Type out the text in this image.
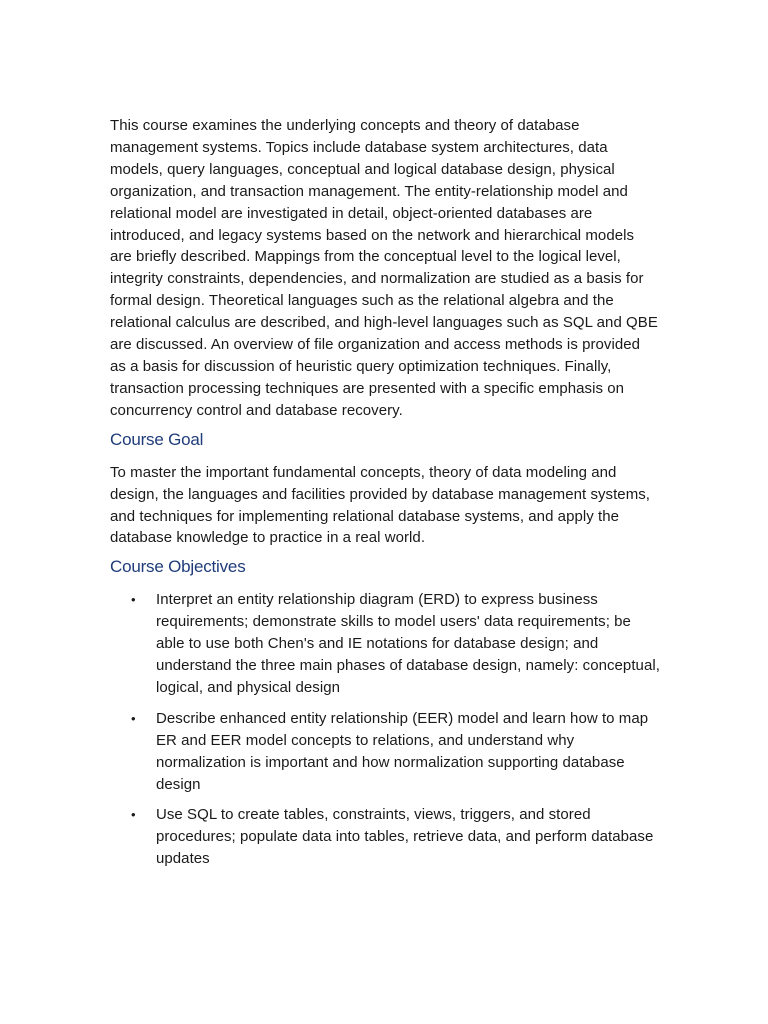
This course examines the underlying concepts and theory of database management systems. Topics include database system architectures, data models, query languages, conceptual and logical database design, physical organization, and transaction management. The entity-relationship model and relational model are investigated in detail, object-oriented databases are introduced, and legacy systems based on the network and hierarchical models are briefly described. Mappings from the conceptual level to the logical level, integrity constraints, dependencies, and normalization are studied as a basis for formal design. Theoretical languages such as the relational algebra and the relational calculus are described, and high-level languages such as SQL and QBE are discussed. An overview of file organization and access methods is provided as a basis for discussion of heuristic query optimization techniques. Finally, transaction processing techniques are presented with a specific emphasis on concurrency control and database recovery.

Course Goal

To master the important fundamental concepts, theory of data modeling and design, the languages and facilities provided by database management systems, and techniques for implementing relational database systems, and apply the database knowledge to practice in a real world.

Course Objectives
• Interpret an entity relationship diagram (ERD) to express business requirements; demonstrate skills to model users' data requirements; be able to use both Chen's and IE notations for database design; and understand the three main phases of database design, namely: conceptual, logical, and physical design
• Describe enhanced entity relationship (EER) model and learn how to map ER and EER model concepts to relations, and understand why normalization is important and how normalization supporting database design
• Use SQL to create tables, constraints, views, triggers, and stored procedures; populate data into tables, retrieve data, and perform database updates
